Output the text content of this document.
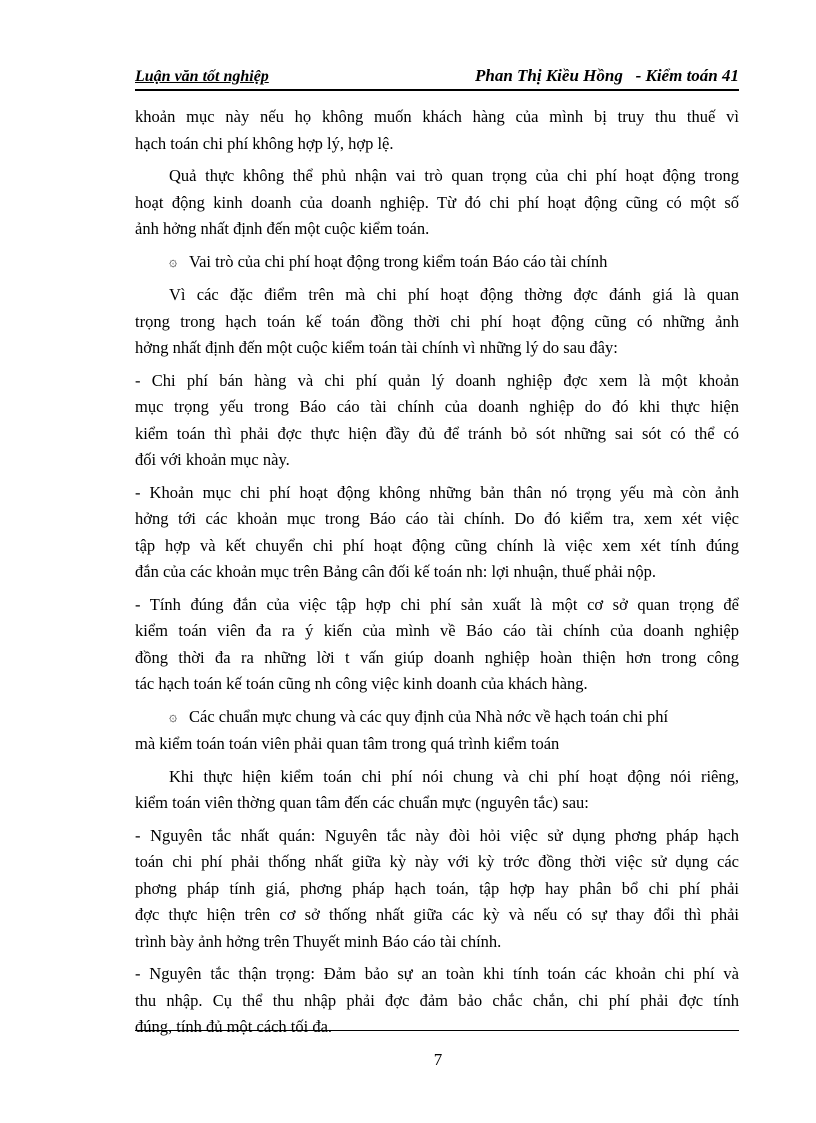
Luận văn tốt nghiệp	Phan Thị Kiều Hồng   - Kiểm toán 41
khoản mục này nếu họ không muốn khách hàng của mình bị truy thu thuế vì
hạch toán chi phí không hợp lý, hợp lệ.
Quả thực không thể phủ nhận vai trò quan trọng của chi phí hoạt động trong
hoạt động kinh doanh của doanh nghiệp. Từ đó chi phí hoạt động cũng có một số
ảnh hởng nhất định đến một cuộc kiểm toán.
۞ Vai trò của chi phí hoạt động trong kiểm toán Báo cáo tài chính
Vì các đặc điểm trên mà chi phí hoạt động thờng đợc đánh giá là quan
trọng trong hạch toán kế toán đồng thời chi phí hoạt động cũng có những ảnh
hởng nhất định đến một cuộc kiểm toán tài chính vì những lý do sau đây:
- Chi phí bán hàng và chi phí quản lý doanh nghiệp đợc xem là một khoản
mục trọng yếu trong Báo cáo tài chính của doanh nghiệp do đó khi thực hiện
kiểm toán thì phải đợc thực hiện đầy đủ để tránh bỏ sót những sai sót có thể có
đối với khoản mục này.
- Khoản mục chi phí hoạt động không những bản thân nó trọng yếu mà còn ảnh
hởng tới các khoản mục trong Báo cáo tài chính. Do đó kiểm tra, xem xét việc
tập hợp và kết chuyển chi phí hoạt động cũng chính là việc xem xét tính đúng
đắn của các khoản mục trên Bảng cân đối kế toán nh: lợi nhuận, thuế phải nộp.
- Tính đúng đắn của việc tập hợp chi phí sản xuất là một cơ sở quan trọng để
kiểm toán viên đa ra ý kiến của mình về Báo cáo tài chính của doanh nghiệp
đồng thời đa ra những lời t vấn giúp doanh nghiệp hoàn thiện hơn trong công
tác hạch toán kế toán cũng nh công việc kinh doanh của khách hàng.
۞ Các chuẩn mực chung và các quy định của Nhà nớc về hạch toán chi phí
mà kiểm toán toán viên phải quan tâm trong quá trình kiểm toán
Khi thực hiện kiểm toán chi phí nói chung và chi phí hoạt động nói riêng,
kiểm toán viên thờng quan tâm đến các chuẩn mực (nguyên tắc) sau:
- Nguyên tắc nhất quán: Nguyên tắc này đòi hỏi việc sử dụng phơng pháp hạch
toán chi phí phải thống nhất giữa kỳ này với kỳ trớc đồng thời việc sử dụng các
phơng pháp tính giá, phơng pháp hạch toán, tập hợp hay phân bổ chi phí phải
đợc thực hiện trên cơ sở thống nhất giữa các kỳ và nếu có sự thay đổi thì phải
trình bày ảnh hởng trên Thuyết minh Báo cáo tài chính.
- Nguyên tắc thận trọng: Đảm bảo sự an toàn khi tính toán các khoản chi phí và
thu nhập. Cụ thể thu nhập phải đợc đảm bảo chắc chắn, chi phí phải đợc tính
đúng, tính đủ một cách tối đa.
7
